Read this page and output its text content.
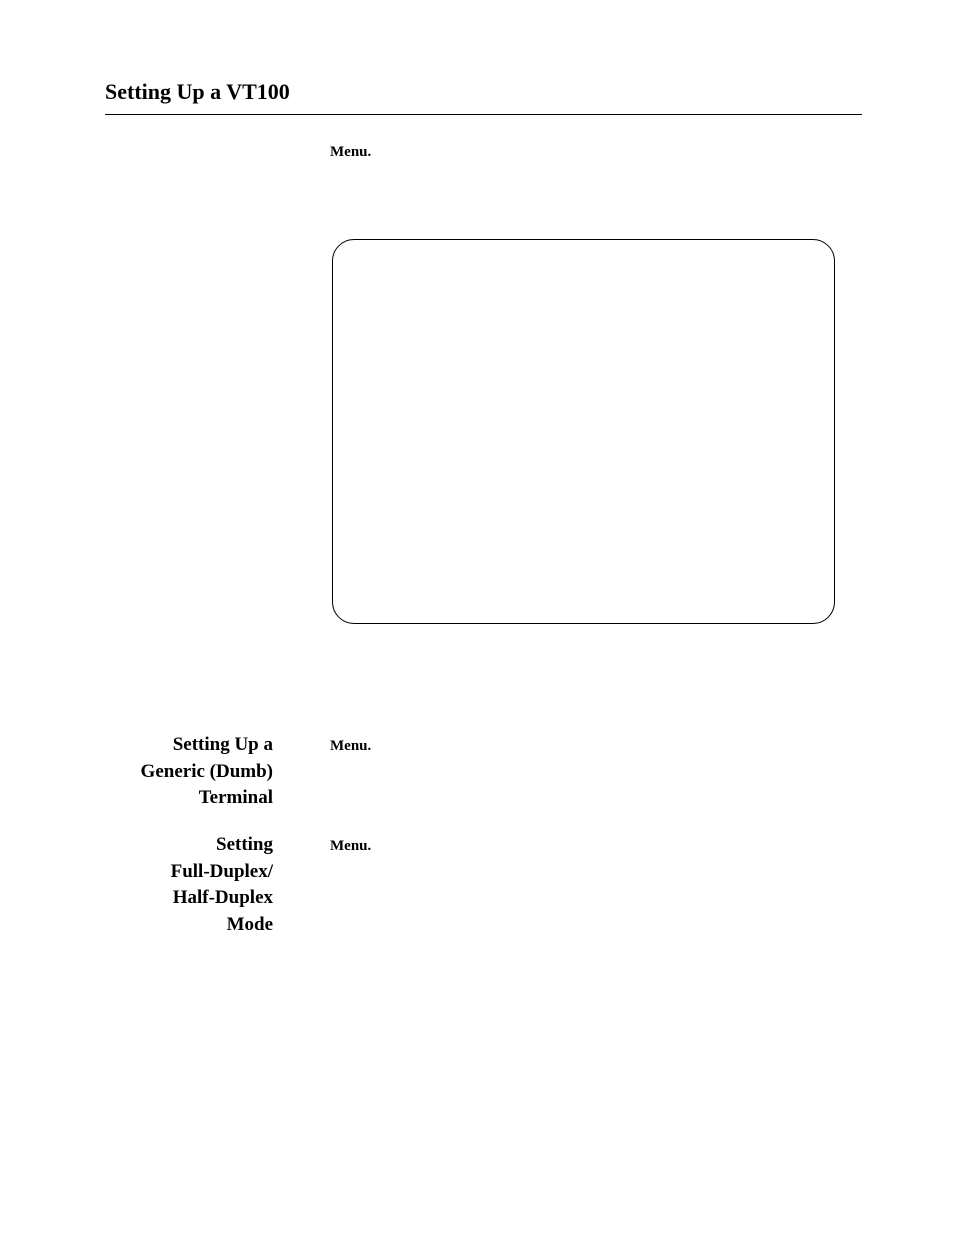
Setting Up a VT100
Menu.
Setting Up a
Generic (Dumb)
Terminal
Menu.
Setting
Full-Duplex/
Half-Duplex
Mode
Menu.
